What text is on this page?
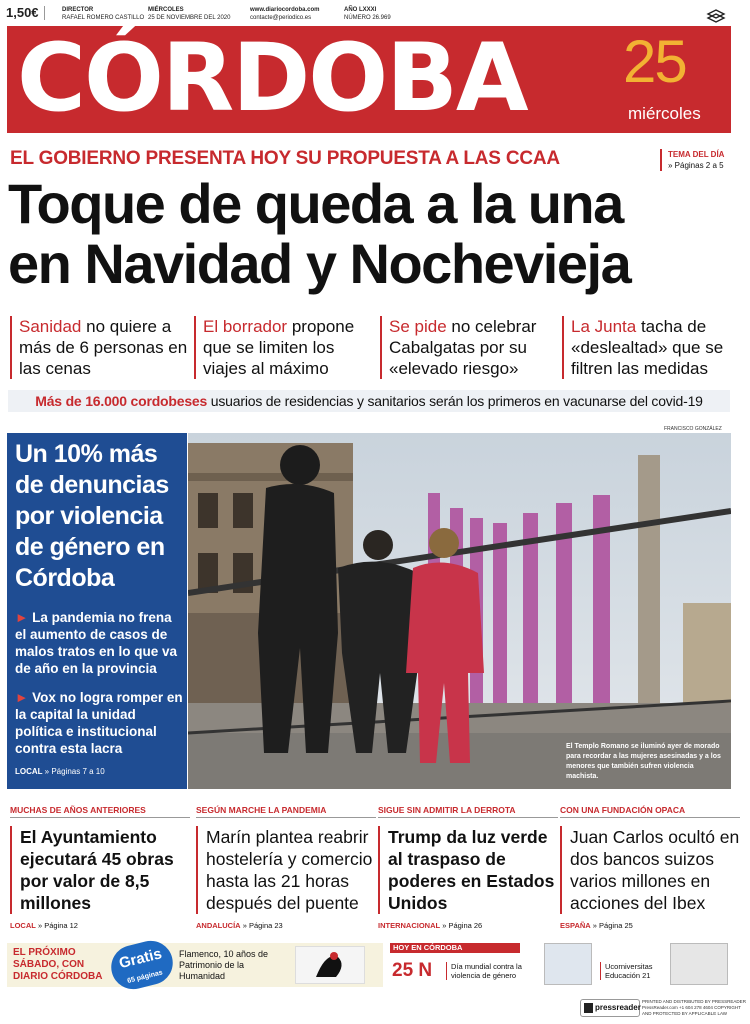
1,50€	DIRECTOR
RAFAEL ROMERO CASTILLO
MIÉRCOLES
25 DE NOVIEMBRE DEL 2020
www.diariocordoba.com
contacte@periodico.es
AÑO LXXXI
NÚMERO 26.969
CÓRDOBA 25
miércoles
EL GOBIERNO PRESENTA HOY SU PROPUESTA A LAS CCAA	TEMA DEL DÍA
» Páginas 2 a 5
Toque de queda a la una
en Navidad y Nochevieja
Sanidad no quiere a más de 6 personas en las cenas
El borrador propone que se limiten los viajes al máximo
Se pide no celebrar Cabalgatas por su «elevado riesgo»
La Junta tacha de «deslealtad» que se filtren las medidas
Más de 16.000 cordobeses usuarios de residencias y sanitarios serán los primeros en vacunarse del covid-19
FRANCISCO GONZÁLEZ
Un 10% más de denuncias por violencia de género en Córdoba
► La pandemia no frena el aumento de casos de malos tratos en lo que va de año en la provincia
► Vox no logra romper en la capital la unidad política e institucional contra esta lacra
LOCAL » Páginas 7 a 10
El Templo Romano se iluminó ayer de morado para recordar a las mujeres asesinadas y a los menores que también sufren violencia machista.
MUCHAS DE AÑOS ANTERIORES
El Ayuntamiento ejecutará 45 obras por valor de 8,5 millones
LOCAL » Página 12
SEGÚN MARCHE LA PANDEMIA
Marín plantea reabrir hostelería y comercio hasta las 21 horas después del puente
ANDALUCÍA » Página 23
SIGUE SIN ADMITIR LA DERROTA
Trump da luz verde al traspaso de poderes en Estados Unidos
INTERNACIONAL » Página 26
CON UNA FUNDACIÓN OPACA
Juan Carlos ocultó en dos bancos suizos varios millones en acciones del Ibex
ESPAÑA » Página 25
EL PRÓXIMO SÁBADO, CON DIARIO CÓRDOBA
Gratis
65 páginas
Flamenco, 10 años de Patrimonio de la Humanidad
HOY EN CÓRDOBA
25 N	Día mundial contra la violencia de género
Ucorniversitas Educación 21
pressreader
PRINTED AND DISTRIBUTED BY PRESSREADER PressReader.com +1 604 278 4604 COPYRIGHT AND PROTECTED BY APPLICABLE LAW
